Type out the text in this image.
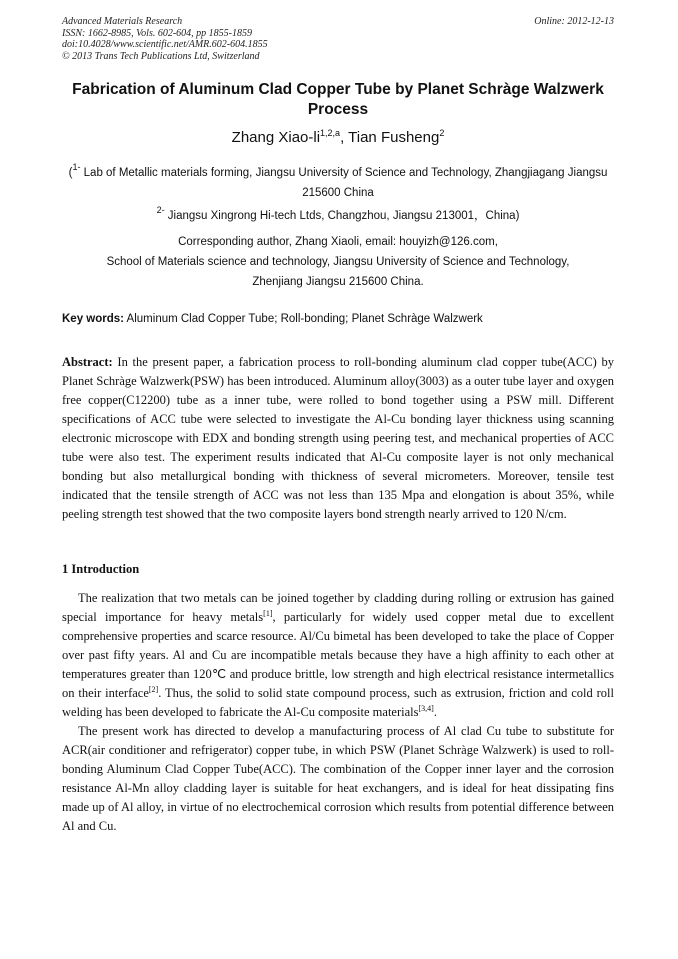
Advanced Materials Research
ISSN: 1662-8985, Vols. 602-604, pp 1855-1859
doi:10.4028/www.scientific.net/AMR.602-604.1855
© 2013 Trans Tech Publications Ltd, Switzerland
Online: 2012-12-13
Fabrication of Aluminum Clad Copper Tube by Planet Schràge Walzwerk Process
Zhang Xiao-li$^{1,2,a}$, Tian Fusheng$^2$
($^{1-}$ Lab of Metallic materials forming, Jiangsu University of Science and Technology, Zhangjiagang Jiangsu 215600 China
$^{2-}$ Jiangsu Xingrong Hi-tech Ltds, Changzhou, Jiangsu 213001，China)
Corresponding author, Zhang Xiaoli, email: houyizh@126.com,
School of Materials science and technology, Jiangsu University of Science and Technology,
Zhenjiang Jiangsu 215600 China.
Key words: Aluminum Clad Copper Tube; Roll-bonding; Planet Schràge Walzwerk
Abstract: In the present paper, a fabrication process to roll-bonding aluminum clad copper tube(ACC) by Planet Schràge Walzwerk(PSW) has been introduced. Aluminum alloy(3003) as a outer tube layer and oxygen free copper(C12200) tube as a inner tube, were rolled to bond together using a PSW mill. Different specifications of ACC tube were selected to investigate the Al-Cu bonding layer thickness using scanning electronic microscope with EDX and bonding strength using peering test, and mechanical properties of ACC tube were also test. The experiment results indicated that Al-Cu composite layer is not only mechanical bonding but also metallurgical bonding with thickness of several micrometers. Moreover, tensile test indicated that the tensile strength of ACC was not less than 135 Mpa and elongation is about 35%, while peeling strength test showed that the two composite layers bond strength nearly arrived to 120 N/cm.
1 Introduction

The realization that two metals can be joined together by cladding during rolling or extrusion has gained special importance for heavy metals[1], particularly for widely used copper metal due to excellent comprehensive properties and scarce resource. Al/Cu bimetal has been developed to take the place of Copper over past fifty years. Al and Cu are incompatible metals because they have a high affinity to each other at temperatures greater than 120℃ and produce brittle, low strength and high electrical resistance intermetallics on their interface[2]. Thus, the solid to solid state compound process, such as extrusion, friction and cold roll welding has been developed to fabricate the Al-Cu composite materials[3,4].

The present work has directed to develop a manufacturing process of Al clad Cu tube to substitute for ACR(air conditioner and refrigerator) copper tube, in which PSW (Planet Schràge Walzwerk) is used to roll-bonding Aluminum Clad Copper Tube(ACC). The combination of the Copper inner layer and the corrosion resistance Al-Mn alloy cladding layer is suitable for heat exchangers, and is ideal for heat dissipating fins made up of Al alloy, in virtue of no electrochemical corrosion which results from potential difference between Al and Cu.
